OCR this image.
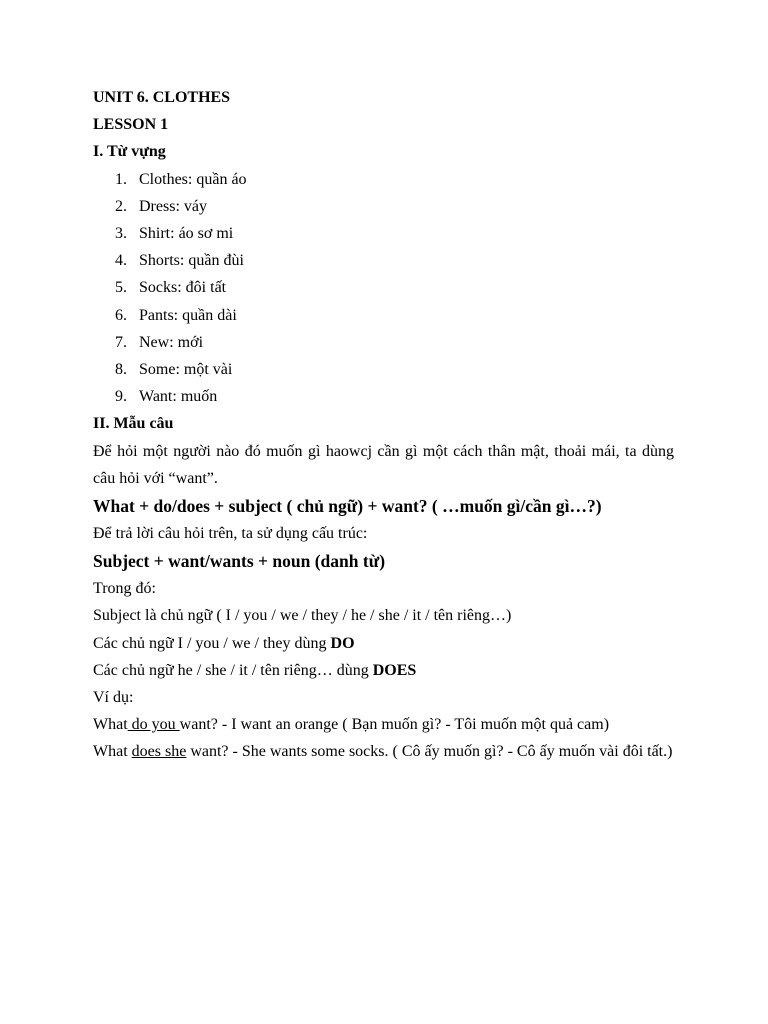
UNIT 6. CLOTHES

LESSON 1

I. Từ vựng

1. Clothes: quần áo
2. Dress: váy
3. Shirt: áo sơ mi
4. Shorts: quần đùi
5. Socks: đôi tất
6. Pants: quần dài
7. New: mới
8. Some: một vài
9. Want: muốn

II. Mẫu câu

Để hỏi một người nào đó muốn gì haowcj cần gì một cách thân mật, thoải mái, ta dùng câu hỏi với “want”.

What + do/does + subject ( chủ ngữ) + want? ( …muốn gì/cần gì…?)

Để trả lời câu hỏi trên, ta sử dụng cấu trúc:

Subject + want/wants + noun (danh từ)

Trong đó:

Subject là chủ ngữ ( I / you / we / they / he / she / it / tên riêng…)

Các chủ ngữ I / you / we / they dùng DO

Các chủ ngữ he / she / it / tên riêng… dùng DOES

Ví dụ:

What do you want? - I want an orange ( Bạn muốn gì? - Tôi muốn một quả cam)

What does she want? - She wants some socks. ( Cô ấy muốn gì? - Cô ấy muốn vài đôi tất.)
